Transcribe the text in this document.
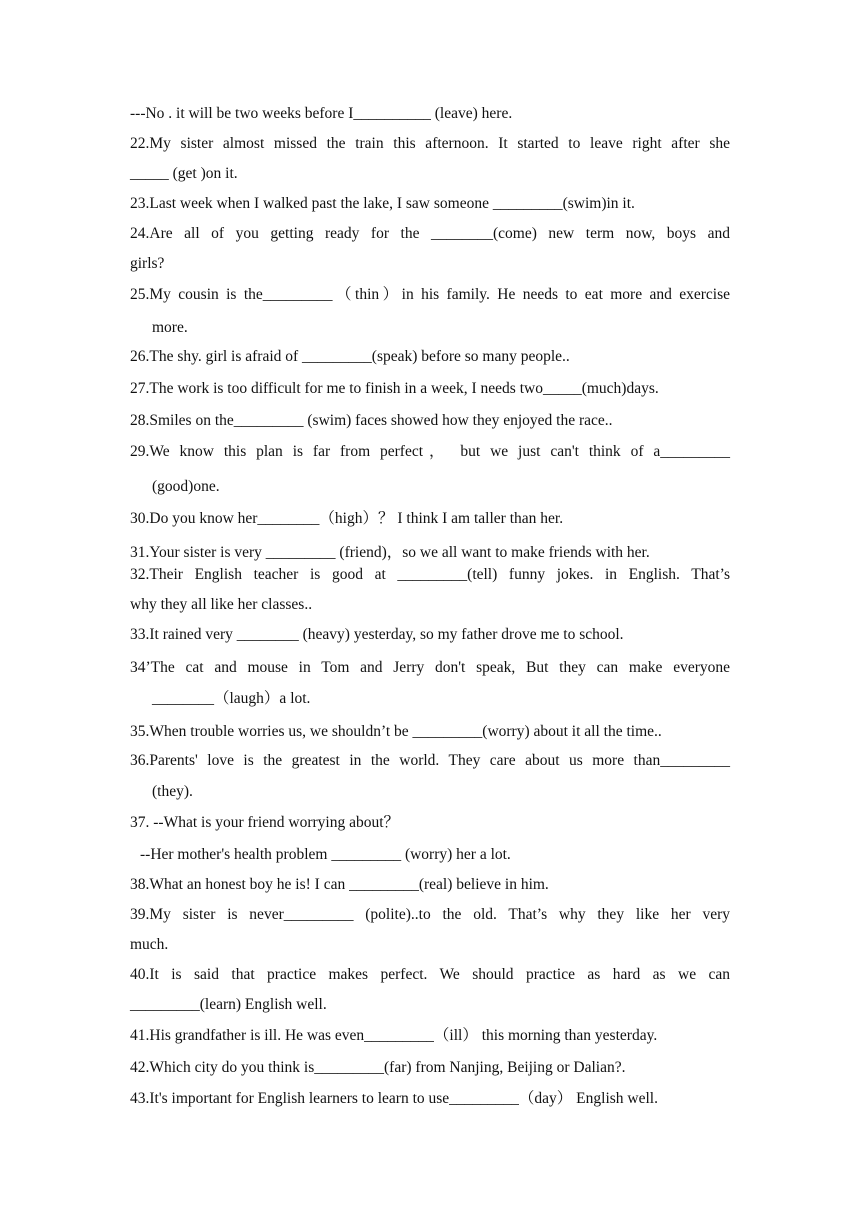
---No . it will be two weeks before I__________ (leave) here.
22.My sister almost missed the train this afternoon. It started to leave right after she
_____ (get )on it.
23.Last week when I walked past the lake, I saw someone _________(swim)in it.
24.Are all of you getting ready for the ________(come) new term now, boys and
girls?
25.My cousin is the_________（thin）in his family. He needs to eat more and exercise
more.
26.The shy. girl is afraid of _________(speak) before so many people..
27.The work is too difficult for me to finish in a week, I needs two_____(much)days.
28.Smiles on the_________ (swim) faces showed how they enjoyed the race..
29.We know this plan is far from perfect， but we just can't think of a_________
(good)one.
30.Do you know her________（high）？ I think I am taller than her.
31.Your sister is very _________ (friend)，so we all want to make friends with her.
32.Their English teacher is good at _________(tell) funny jokes. in English. That’s
why they all like her classes..
33.It rained very ________ (heavy) yesterday, so my father drove me to school.
34’The cat and mouse in Tom and Jerry don't speak, But they can make everyone
________（laugh）a lot.
35.When trouble worries us, we shouldn’t be _________(worry) about it all the time..
36.Parents' love is the greatest in the world. They care about us more than_________
(they).
37. --What is your friend worrying about？
--Her mother's health problem _________ (worry) her a lot.
38.What an honest boy he is! I can _________(real) believe in him.
39.My sister is never_________ (polite)..to the old. That’s why they like her very
much.
40.It is said that practice makes perfect. We should practice as hard as we can
_________(learn) English well.
41.His grandfather is ill. He was even_________（ill） this morning than yesterday.
42.Which city do you think is_________(far) from Nanjing, Beijing or Dalian?.
43.It's important for English learners to learn to use_________（day） English well.
